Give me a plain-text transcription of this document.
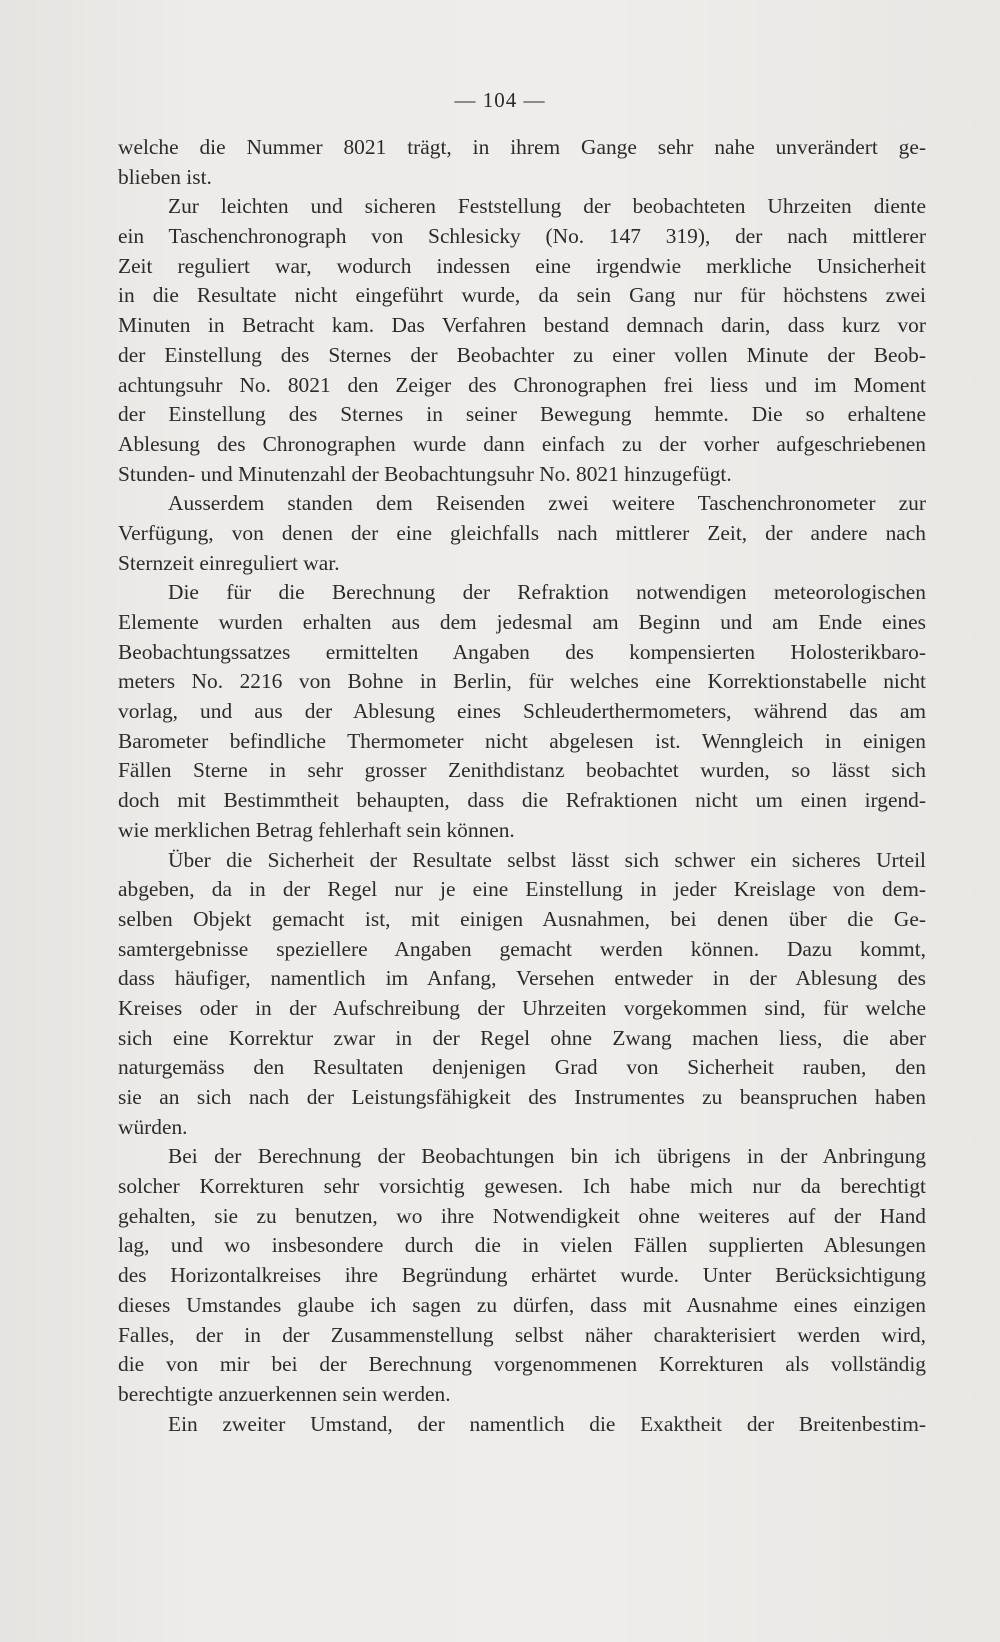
— 104 —
welche die Nummer 8021 trägt, in ihrem Gange sehr nahe unverändert ge-
blieben ist.
Zur leichten und sicheren Feststellung der beobachteten Uhrzeiten diente
ein Taschenchronograph von Schlesicky (No. 147 319), der nach mittlerer
Zeit reguliert war, wodurch indessen eine irgendwie merkliche Unsicherheit
in die Resultate nicht eingeführt wurde, da sein Gang nur für höchstens zwei
Minuten in Betracht kam. Das Verfahren bestand demnach darin, dass kurz vor
der Einstellung des Sternes der Beobachter zu einer vollen Minute der Beob-
achtungsuhr No. 8021 den Zeiger des Chronographen frei liess und im Moment
der Einstellung des Sternes in seiner Bewegung hemmte. Die so erhaltene
Ablesung des Chronographen wurde dann einfach zu der vorher aufgeschriebenen
Stunden- und Minutenzahl der Beobachtungsuhr No. 8021 hinzugefügt.
Ausserdem standen dem Reisenden zwei weitere Taschenchronometer zur
Verfügung, von denen der eine gleichfalls nach mittlerer Zeit, der andere nach
Sternzeit einreguliert war.
Die für die Berechnung der Refraktion notwendigen meteorologischen
Elemente wurden erhalten aus dem jedesmal am Beginn und am Ende eines
Beobachtungssatzes ermittelten Angaben des kompensierten Holosterikbaro-
meters No. 2216 von Bohne in Berlin, für welches eine Korrektionstabelle nicht
vorlag, und aus der Ablesung eines Schleuderthermometers, während das am
Barometer befindliche Thermometer nicht abgelesen ist. Wenngleich in einigen
Fällen Sterne in sehr grosser Zenithdistanz beobachtet wurden, so lässt sich
doch mit Bestimmtheit behaupten, dass die Refraktionen nicht um einen irgend-
wie merklichen Betrag fehlerhaft sein können.
Über die Sicherheit der Resultate selbst lässt sich schwer ein sicheres Urteil
abgeben, da in der Regel nur je eine Einstellung in jeder Kreislage von dem-
selben Objekt gemacht ist, mit einigen Ausnahmen, bei denen über die Ge-
samtergebnisse speziellere Angaben gemacht werden können. Dazu kommt,
dass häufiger, namentlich im Anfang, Versehen entweder in der Ablesung des
Kreises oder in der Aufschreibung der Uhrzeiten vorgekommen sind, für welche
sich eine Korrektur zwar in der Regel ohne Zwang machen liess, die aber
naturgemäss den Resultaten denjenigen Grad von Sicherheit rauben, den
sie an sich nach der Leistungsfähigkeit des Instrumentes zu beanspruchen haben
würden.
Bei der Berechnung der Beobachtungen bin ich übrigens in der Anbringung
solcher Korrekturen sehr vorsichtig gewesen. Ich habe mich nur da berechtigt
gehalten, sie zu benutzen, wo ihre Notwendigkeit ohne weiteres auf der Hand
lag, und wo insbesondere durch die in vielen Fällen supplierten Ablesungen
des Horizontalkreises ihre Begründung erhärtet wurde. Unter Berücksichtigung
dieses Umstandes glaube ich sagen zu dürfen, dass mit Ausnahme eines einzigen
Falles, der in der Zusammenstellung selbst näher charakterisiert werden wird,
die von mir bei der Berechnung vorgenommenen Korrekturen als vollständig
berechtigte anzuerkennen sein werden.
Ein zweiter Umstand, der namentlich die Exaktheit der Breitenbestim-
